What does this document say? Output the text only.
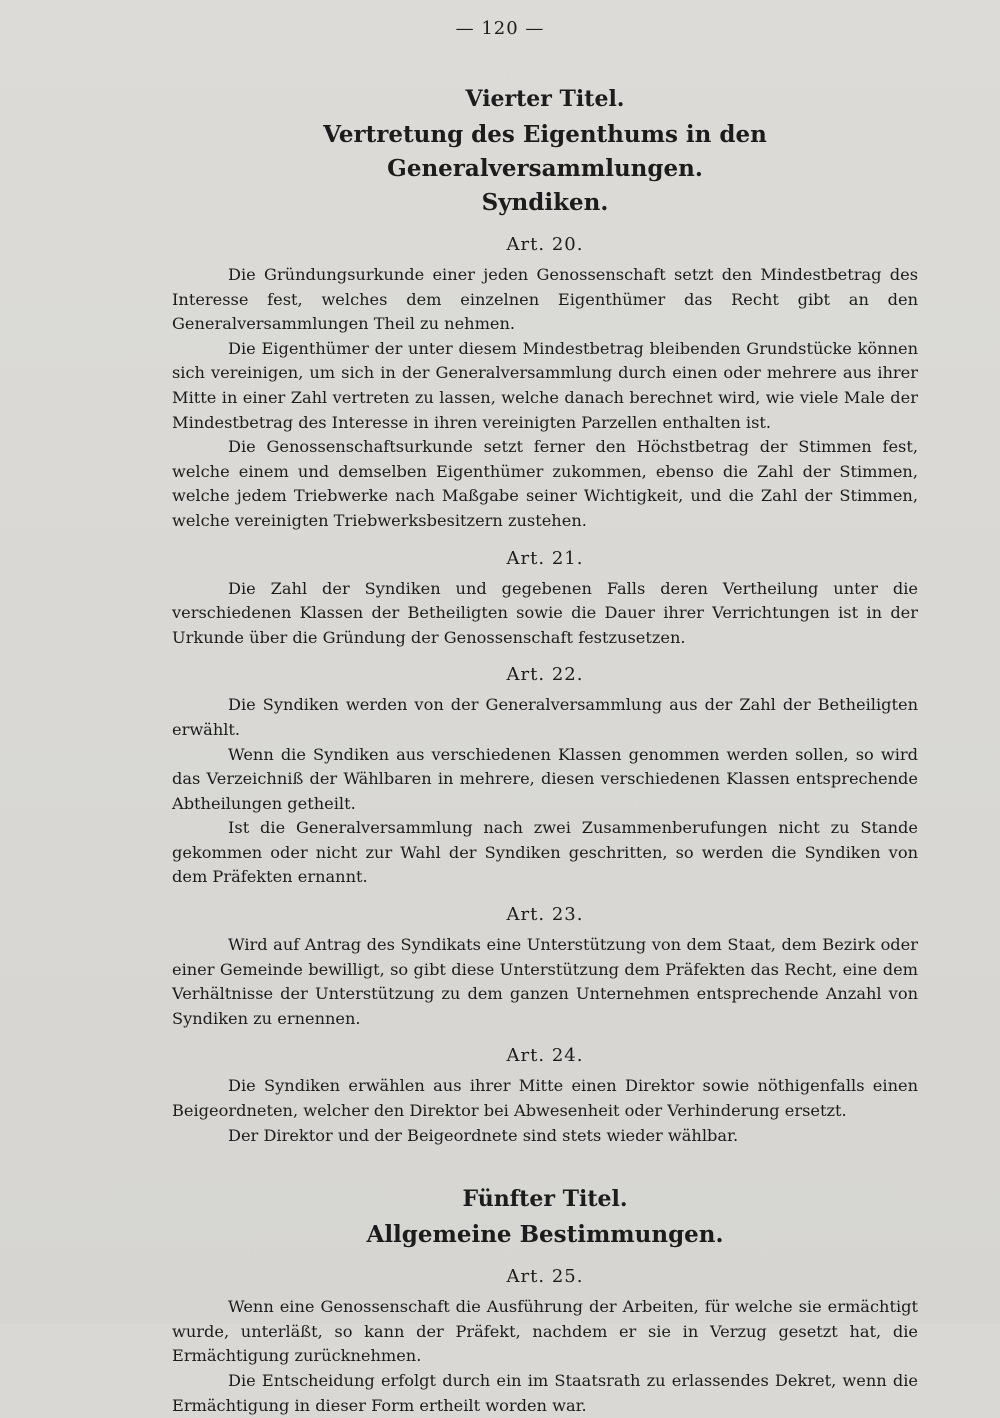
— 120 —

Vierter Titel.

Vertretung des Eigenthums in den Generalversammlungen.

Syndiken.

Art. 20.

Die Gründungsurkunde einer jeden Genossenschaft setzt den Mindestbetrag des Interesse fest, welches dem einzelnen Eigenthümer das Recht gibt an den Generalversammlungen Theil zu nehmen.

Die Eigenthümer der unter diesem Mindestbetrag bleibenden Grundstücke können sich vereinigen, um sich in der Generalversammlung durch einen oder mehrere aus ihrer Mitte in einer Zahl vertreten zu lassen, welche danach berechnet wird, wie viele Male der Mindestbetrag des Interesse in ihren vereinigten Parzellen enthalten ist.

Die Genossenschaftsurkunde setzt ferner den Höchstbetrag der Stimmen fest, welche einem und demselben Eigenthümer zukommen, ebenso die Zahl der Stimmen, welche jedem Triebwerke nach Maßgabe seiner Wichtigkeit, und die Zahl der Stimmen, welche vereinigten Triebwerksbesitzern zustehen.

Art. 21.

Die Zahl der Syndiken und gegebenen Falls deren Vertheilung unter die verschiedenen Klassen der Betheiligten sowie die Dauer ihrer Verrichtungen ist in der Urkunde über die Gründung der Genossenschaft festzusetzen.

Art. 22.

Die Syndiken werden von der Generalversammlung aus der Zahl der Betheiligten erwählt.

Wenn die Syndiken aus verschiedenen Klassen genommen werden sollen, so wird das Verzeichniß der Wählbaren in mehrere, diesen verschiedenen Klassen entsprechende Abtheilungen getheilt.

Ist die Generalversammlung nach zwei Zusammenberufungen nicht zu Stande gekommen oder nicht zur Wahl der Syndiken geschritten, so werden die Syndiken von dem Präfekten ernannt.

Art. 23.

Wird auf Antrag des Syndikats eine Unterstützung von dem Staat, dem Bezirk oder einer Gemeinde bewilligt, so gibt diese Unterstützung dem Präfekten das Recht, eine dem Verhältnisse der Unterstützung zu dem ganzen Unternehmen entsprechende Anzahl von Syndiken zu ernennen.

Art. 24.

Die Syndiken erwählen aus ihrer Mitte einen Direktor sowie nöthigenfalls einen Beigeordneten, welcher den Direktor bei Abwesenheit oder Verhinderung ersetzt.

Der Direktor und der Beigeordnete sind stets wieder wählbar.

Fünfter Titel.

Allgemeine Bestimmungen.

Art. 25.

Wenn eine Genossenschaft die Ausführung der Arbeiten, für welche sie ermächtigt wurde, unterläßt, so kann der Präfekt, nachdem er sie in Verzug gesetzt hat, die Ermächtigung zurücknehmen.

Die Entscheidung erfolgt durch ein im Staatsrath zu erlassendes Dekret, wenn die Ermächtigung in dieser Form ertheilt worden war.
